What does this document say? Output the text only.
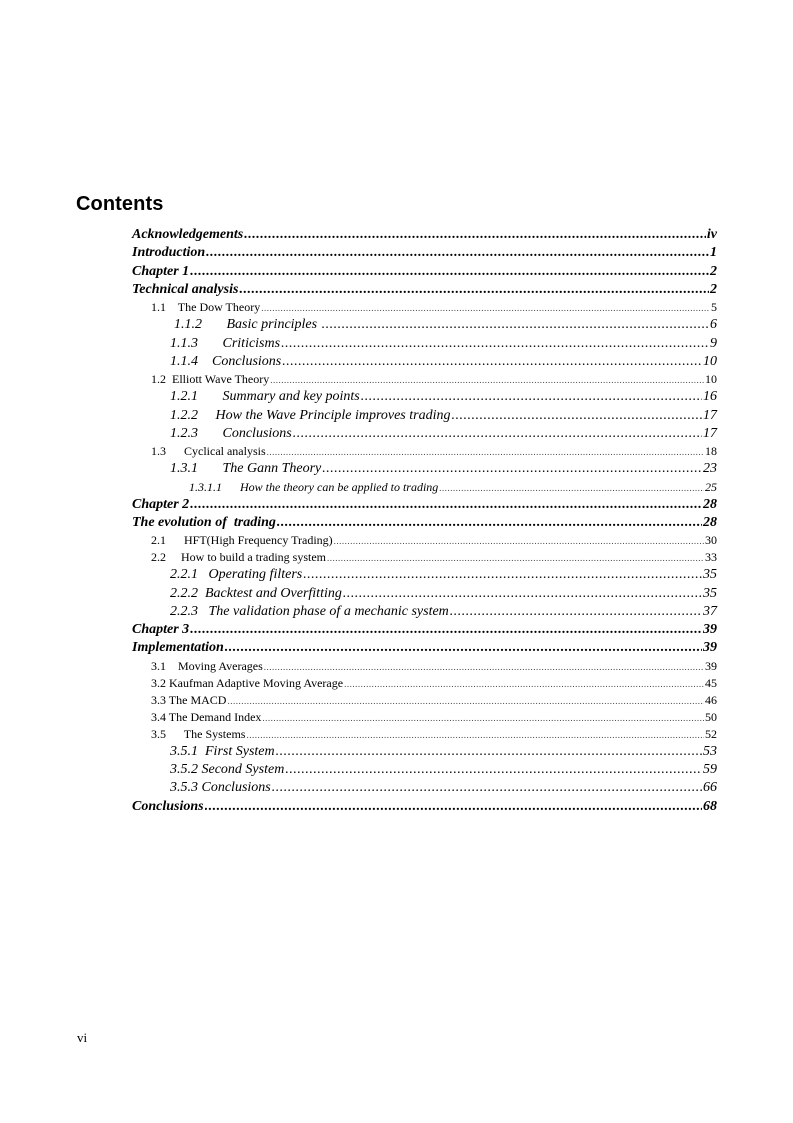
Contents
Acknowledgements .....	iv
Introduction .....	1
Chapter 1 .....	2
Technical analysis .....	2
1.1    The Dow Theory .....	5
1.1.2       Basic principles .....	6
1.1.3       Criticisms .....	9
1.1.4    Conclusions .....	10
1.2  Elliott Wave Theory .....	10
1.2.1       Summary and key points .....	16
1.2.2     How the Wave Principle improves trading .....	17
1.2.3       Conclusions .....	17
1.3      Cyclical analysis .....	18
1.3.1       The Gann Theory .....	23
1.3.1.1      How the theory can be applied to trading .....	25
Chapter 2 .....	28
The evolution of  trading .....	28
2.1      HFT(High Frequency Trading) .....	30
2.2     How to build a trading system .....	33
2.2.1   Operating filters .....	35
2.2.2  Backtest and Overfitting .....	35
2.2.3   The validation phase of a mechanic system .....	37
Chapter 3 .....	39
Implementation .....	39
3.1    Moving Averages .....	39
3.2 Kaufman Adaptive Moving Average .....	45
3.3 The MACD .....	46
3.4 The Demand Index .....	50
3.5      The Systems .....	52
3.5.1  First System .....	53
3.5.2 Second System .....	59
3.5.3 Conclusions .....	66
Conclusions .....	68
vi
